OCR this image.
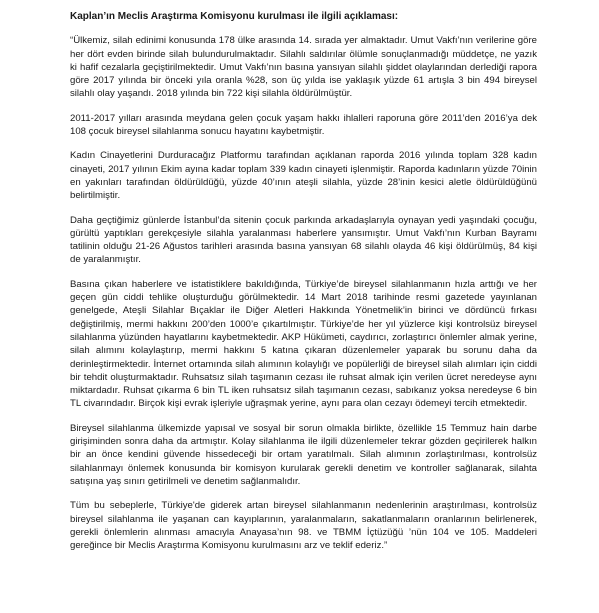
Kaplan’ın Meclis Araştırma Komisyonu kurulması ile ilgili açıklaması:
“Ülkemiz, silah edinimi konusunda 178 ülke arasında 14. sırada yer almaktadır. Umut Vakfı’nın verilerine göre her dört evden birinde silah bulundurulmaktadır. Silahlı saldırılar ölümle sonuçlanmadığı müddetçe, ne yazık ki hafif cezalarla geçiştirilmektedir. Umut Vakfı’nın basına yansıyan silahlı şiddet olaylarından derlediği rapora göre 2017 yılında bir önceki yıla oranla %28, son üç yılda ise yaklaşık yüzde 61 artışla 3 bin 494 bireysel silahlı olay yaşandı. 2018 yılında bin 722 kişi silahla öldürülmüştür.
2011-2017 yılları arasında meydana gelen çocuk yaşam hakkı ihlalleri raporuna göre 2011’den 2016’ya dek 108 çocuk bireysel silahlanma sonucu hayatını kaybetmiştir.
Kadın Cinayetlerini Durduracağız Platformu tarafından açıklanan raporda 2016 yılında toplam 328 kadın cinayeti, 2017 yılının Ekim ayına kadar toplam 339 kadın cinayeti işlenmiştir. Raporda kadınların yüzde 70inin en yakınları tarafından öldürüldüğü, yüzde 40’ının ateşli silahla, yüzde 28’inin kesici aletle öldürüldüğünü belirtilmiştir.
Daha geçtiğimiz günlerde İstanbul’da sitenin çocuk parkında arkadaşlarıyla oynayan yedi yaşındaki çocuğu, gürültü yaptıkları gerekçesiyle silahla yaralanması haberlere yansımıştır. Umut Vakfı’nın Kurban Bayramı tatilinin olduğu 21-26 Ağustos tarihleri arasında basına yansıyan 68 silahlı olayda 46 kişi öldürülmüş, 84 kişi de yaralanmıştır.
Basına çıkan haberlere ve istatistiklere bakıldığında, Türkiye’de bireysel silahlanmanın hızla arttığı ve her geçen gün ciddi tehlike oluşturduğu görülmektedir. 14 Mart 2018 tarihinde resmi gazetede yayınlanan genelgede, Ateşli Silahlar Bıçaklar ile Diğer Aletleri Hakkında Yönetmelik’in birinci ve dördüncü fırkası değiştirilmiş, mermi hakkını 200’den 1000’e çıkartılmıştır. Türkiye’de her yıl yüzlerce kişi kontrolsüz bireysel silahlanma yüzünden hayatlarını kaybetmektedir. AKP Hükümeti, caydırıcı, zorlaştırıcı önlemler almak yerine, silah alımını kolaylaştırıp, mermi hakkını 5 katına çıkaran düzenlemeler yaparak bu sorunu daha da derinleştirmektedir. İnternet ortamında silah alımının kolaylığı ve popülerliği de bireysel silah alımları için ciddi bir tehdit oluşturmaktadır. Ruhsatsız silah taşımanın cezası ile ruhsat almak için verilen ücret neredeyse aynı miktardadır. Ruhsat çıkarma 6 bin TL iken ruhsatsız silah taşımanın cezası, sabıkanız yoksa neredeyse 6 bin TL civarındadır. Birçok kişi evrak işleriyle uğraşmak yerine, aynı para olan cezayı ödemeyi tercih etmektedir.
Bireysel silahlanma ülkemizde yapısal ve sosyal bir sorun olmakla birlikte, özellikle 15 Temmuz hain darbe girişiminden sonra daha da artmıştır. Kolay silahlanma ile ilgili düzenlemeler tekrar gözden geçirilerek halkın bir an önce kendini güvende hissedeceği bir ortam yaratılmalı. Silah alımının zorlaştırılması, kontrolsüz silahlanmayı önlemek konusunda bir komisyon kurularak gerekli denetim ve kontroller sağlanarak, silahta satışına yaş sınırı getirilmeli ve denetim sağlanmalıdır.
Tüm bu sebeplerle, Türkiye'de giderek artan bireysel silahlanmanın nedenlerinin araştırılması, kontrolsüz bireysel silahlanma ile yaşanan can kayıplarının, yaralanmaların, sakatlanmaların oranlarının belirlenerek, gerekli önlemlerin alınması amacıyla Anayasa’nın 98. ve TBMM İçtüzüğü ’nün 104 ve 105. Maddeleri gereğince bir Meclis Araştırma Komisyonu kurulmasını arz ve teklif ederiz.”
